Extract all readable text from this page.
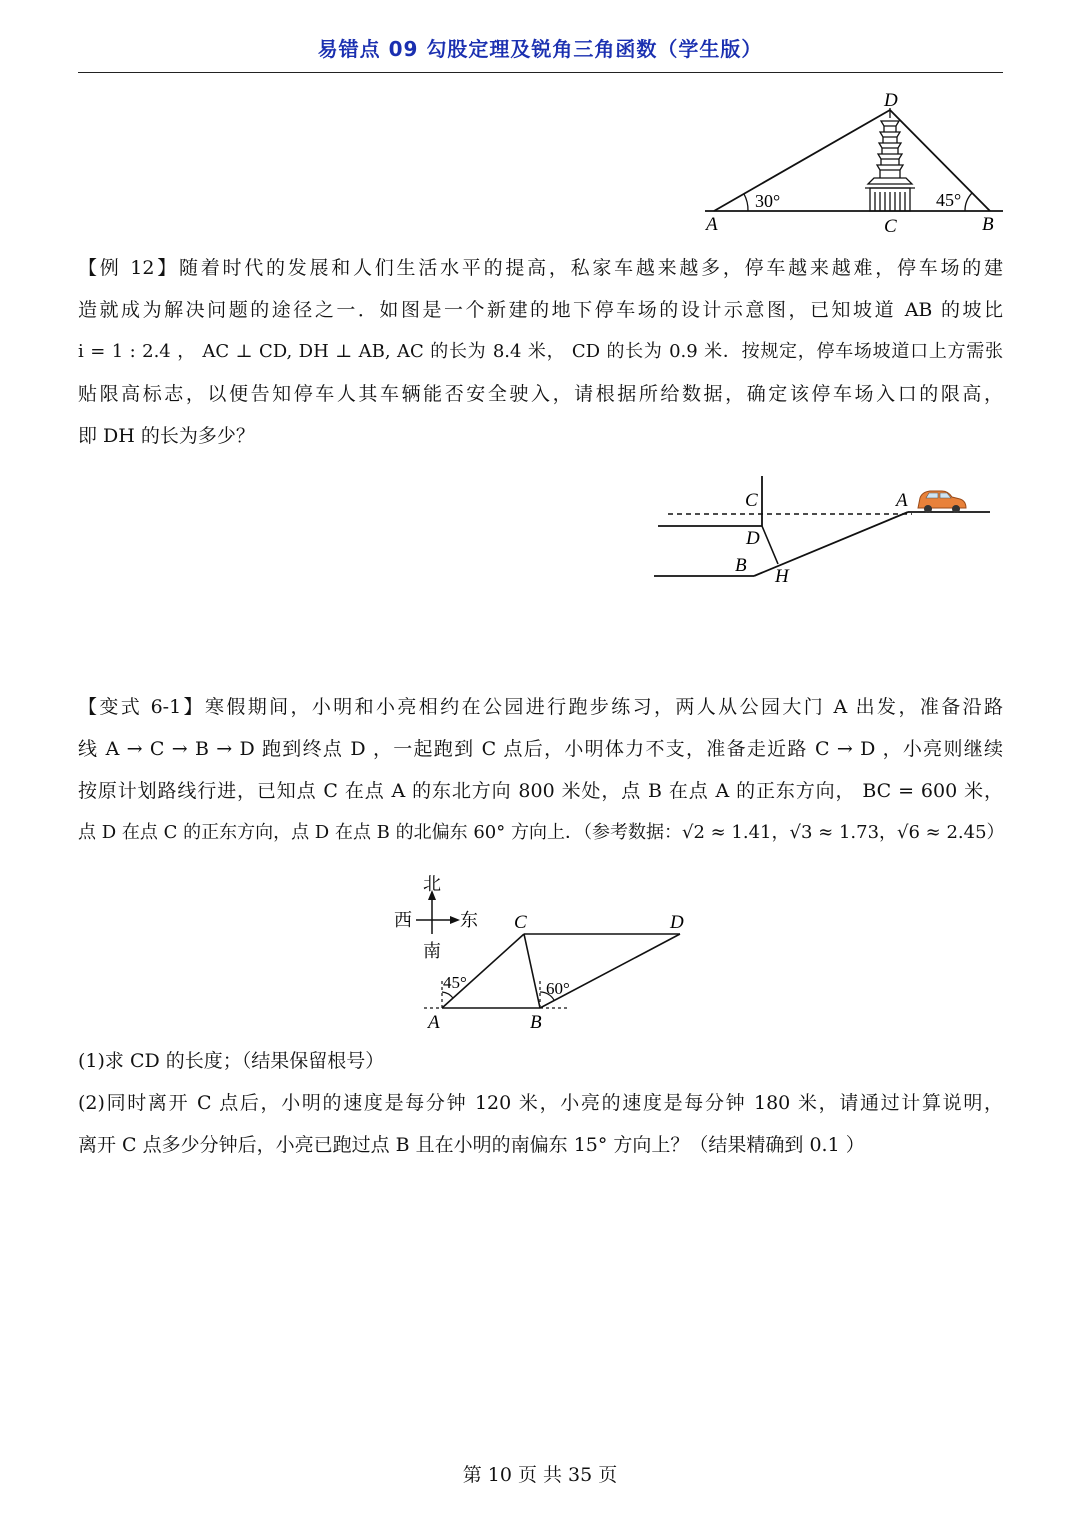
易错点 09 勾股定理及锐角三角函数（学生版）
30°	45°
D
A	C	B
【例 12】随着时代的发展和人们生活水平的提高，私家车越来越多，停车越来越难，停车场的建
造就成为解决问题的途径之一．如图是一个新建的地下停车场的设计示意图，已知坡道 AB 的坡比
i = 1 : 2.4 ， AC ⊥ CD, DH ⊥ AB, AC 的长为 8.4 米， CD 的长为 0.9 米．按规定，停车场坡道口上方需张
贴限高标志，以便告知停车人其车辆能否安全驶入，请根据所给数据，确定该停车场入口的限高，
即 DH 的长为多少？
C	A
D
B
H
【变式 6-1】寒假期间，小明和小亮相约在公园进行跑步练习，两人从公园大门 A 出发，准备沿路
线 A → C → B → D 跑到终点 D ，一起跑到 C 点后，小明体力不支，准备走近路 C → D ，小亮则继续
按原计划路线行进，已知点 C 在点 A 的东北方向 800 米处，点 B 在点 A 的正东方向， BC = 600 米，
点 D 在点 C 的正东方向，点 D 在点 B 的北偏东 60° 方向上．（参考数据：√2 ≈ 1.41，√3 ≈ 1.73，√6 ≈ 2.45）
北
西	东
南
45°	60°
C	D
A	B
(1)求 CD 的长度；（结果保留根号）
(2)同时离开 C 点后，小明的速度是每分钟 120 米，小亮的速度是每分钟 180 米，请通过计算说明，
离开 C 点多少分钟后，小亮已跑过点 B 且在小明的南偏东 15° 方向上？（结果精确到 0.1 ）
第 10 页 共 35 页
